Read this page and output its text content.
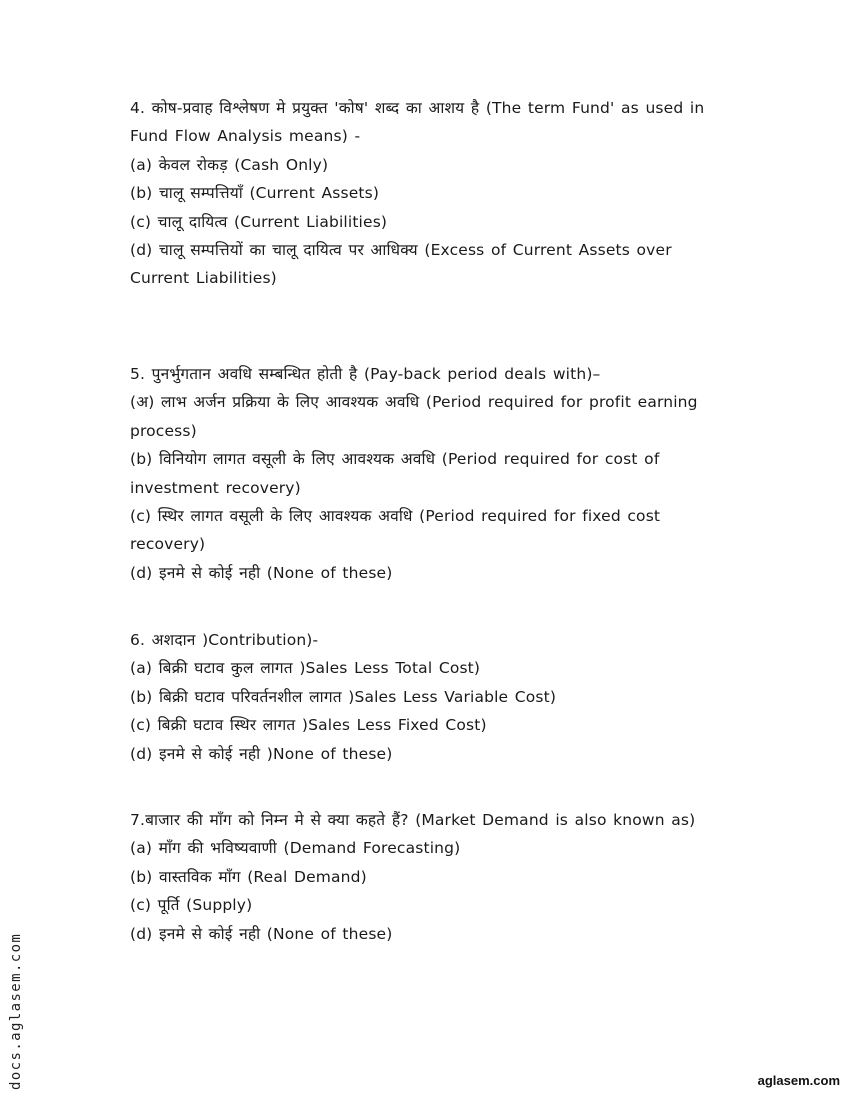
4. कोष-प्रवाह विश्लेषण मे प्रयुक्त 'कोष' शब्द का आशय है (The term Fund' as used in Fund Flow Analysis means) -

(a) केवल रोकड़ (Cash Only)

(b) चालू सम्पत्तियाँ (Current Assets)

(c) चालू दायित्व (Current Liabilities)

(d) चालू सम्पत्तियों का चालू दायित्व पर आधिक्य (Excess of Current Assets over Current Liabilities)

5. पुनर्भुगतान अवधि सम्बन्धित होती है (Pay-back period deals with)–

(अ) लाभ अर्जन प्रक्रिया के लिए आवश्यक अवधि (Period required for profit earning process)

(b) विनियोग लागत वसूली के लिए आवश्यक अवधि (Period required for cost of investment recovery)

(c) स्थिर लागत वसूली के लिए आवश्यक अवधि (Period required for fixed cost recovery)

(d) इनमे से कोई नही (None of these)

6. अशदान )Contribution)-

(a) बिक्री घटाव कुल लागत )Sales Less Total Cost)

(b) बिक्री घटाव परिवर्तनशील लागत )Sales Less Variable Cost)

(c) बिक्री घटाव स्थिर लागत )Sales Less Fixed Cost)

(d) इनमे से कोई नही )None of these)

7.बाजार की माँग को निम्न मे से क्या कहते हैं? (Market Demand is also known as)

(a) माँग की भविष्यवाणी (Demand Forecasting)

(b) वास्तविक माँग (Real Demand)

(c) पूर्ति (Supply)

(d) इनमे से कोई नही (None of these)

docs.aglasem.com	aglasem.com
